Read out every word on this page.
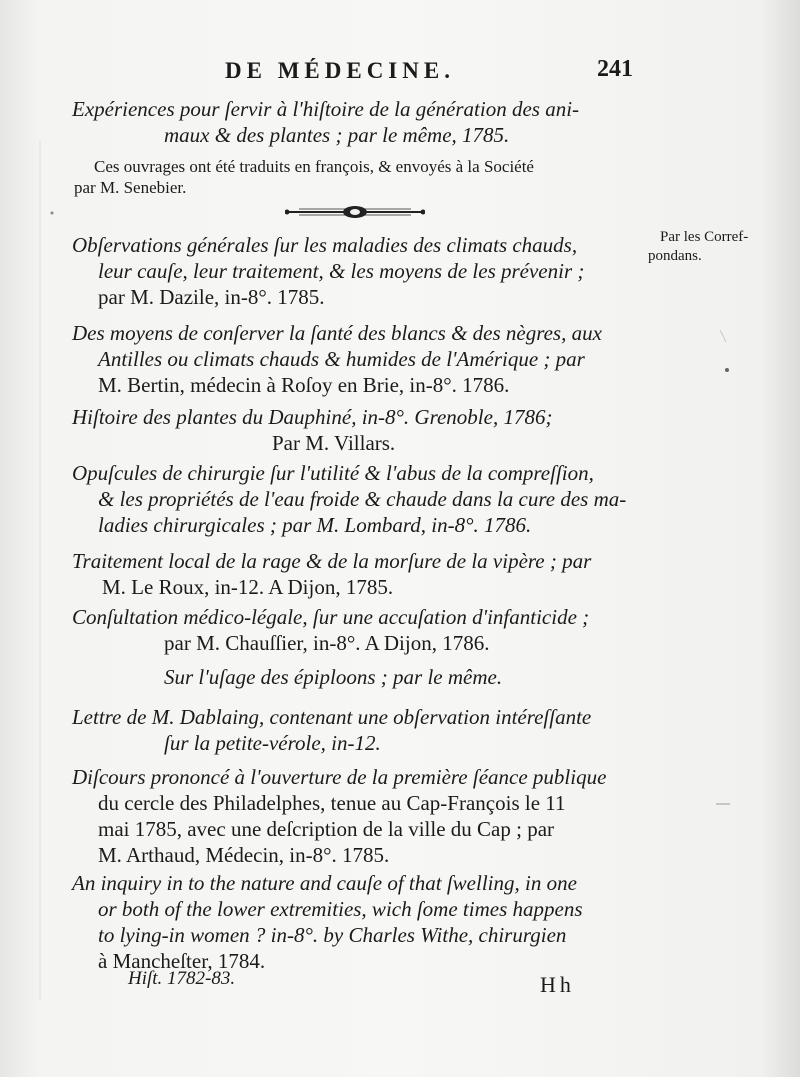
DE MÉDECINE.	241
Expériences pour ſervir à l'hiſtoire de la génération des ani-
maux & des plantes ; par le même, 1785.
Ces ouvrages ont été traduits en françois, & envoyés à la Société
par M. Senebier.
Par les Corref-
pondans.
Obſervations générales ſur les maladies des climats chauds,
leur cauſe, leur traitement, & les moyens de les prévenir ;
par M. Dazile, in-8°. 1785.
Des moyens de conſerver la ſanté des blancs & des nègres, aux
Antilles ou climats chauds & humides de l'Amérique ; par
M. Bertin, médecin à Roſoy en Brie, in-8°. 1786.
Hiſtoire des plantes du Dauphiné, in-8°. Grenoble, 1786;
Par M. Villars.
Opuſcules de chirurgie ſur l'utilité & l'abus de la compreſſion,
& les propriétés de l'eau froide & chaude dans la cure des ma-
ladies chirurgicales ; par M. Lombard, in-8°. 1786.
Traitement local de la rage & de la morſure de la vipère ; par
M. Le Roux, in-12. A Dijon, 1785.
Conſultation médico-légale, ſur une accuſation d'infanticide ;
par M. Chauſſier, in-8°. A Dijon, 1786.
Sur l'uſage des épiploons ; par le même.
Lettre de M. Dablaing, contenant une obſervation intéreſſante
ſur la petite-vérole, in-12.
Diſcours prononcé à l'ouverture de la première ſéance publique
du cercle des Philadelphes, tenue au Cap-François le 11
mai 1785, avec une deſcription de la ville du Cap ; par
M. Arthaud, Médecin, in-8°. 1785.
An inquiry in to the nature and cauſe of that ſwelling, in one
or both of the lower extremities, wich ſome times happens
to lying-in women ? in-8°. by Charles Withe, chirurgien
à Mancheſter, 1784.
Hiſt. 1782-83.	Hh
